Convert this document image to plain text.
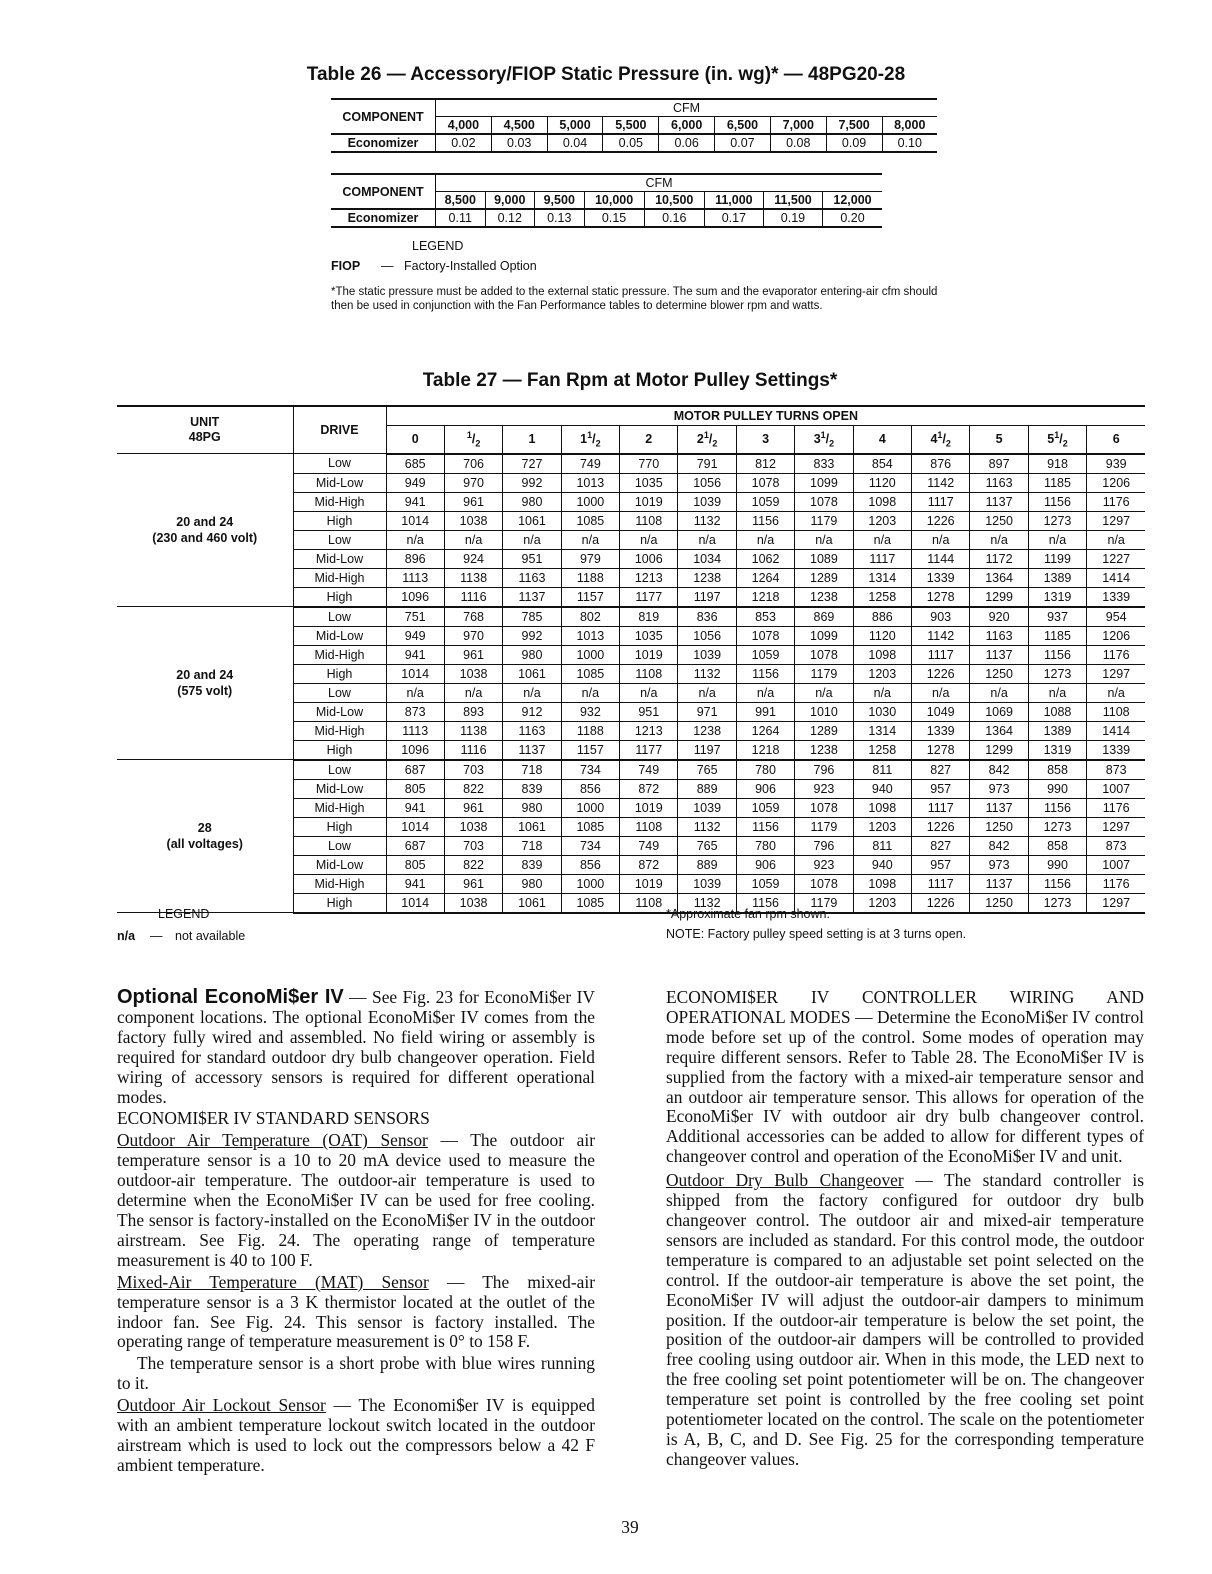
Table 26 — Accessory/FIOP Static Pressure (in. wg)* — 48PG20-28
COMPONENT	CFM								
	4,000	4,500	5,000	5,500	6,000	6,500	7,000	7,500	8,000
Economizer	0.02	0.03	0.04	0.05	0.06	0.07	0.08	0.09	0.10
COMPONENT	CFM							
	8,500	9,000	9,500	10,000	10,500	11,000	11,500	12,000
Economizer	0.11	0.12	0.13	0.15	0.16	0.17	0.19	0.20
LEGEND
FIOP — Factory-Installed Option
*The static pressure must be added to the external static pressure. The sum and the evaporator entering-air cfm should then be used in conjunction with the Fan Performance tables to determine blower rpm and watts.
Table 27 — Fan Rpm at Motor Pulley Settings*
UNIT
48PG	DRIVE	MOTOR PULLEY TURNS OPEN												
		0	$^1/_2$	1	$1^1/_2$	2	$2^1/_2$	3	$3^1/_2$	4	$4^1/_2$	5	$5^1/_2$	6

20 and 24
(230 and 460 volt)	Low	685	706	727	749	770	791	812	833	854	876	897	918	939
	Mid-Low	949	970	992	1013	1035	1056	1078	1099	1120	1142	1163	1185	1206
	Mid-High	941	961	980	1000	1019	1039	1059	1078	1098	1117	1137	1156	1176
	High	1014	1038	1061	1085	1108	1132	1156	1179	1203	1226	1250	1273	1297
	Low	n/a	n/a	n/a	n/a	n/a	n/a	n/a	n/a	n/a	n/a	n/a	n/a	n/a
	Mid-Low	896	924	951	979	1006	1034	1062	1089	1117	1144	1172	1199	1227
	Mid-High	1113	1138	1163	1188	1213	1238	1264	1289	1314	1339	1364	1389	1414
	High	1096	1116	1137	1157	1177	1197	1218	1238	1258	1278	1299	1319	1339

20 and 24
(575 volt)	Low	751	768	785	802	819	836	853	869	886	903	920	937	954
	Mid-Low	949	970	992	1013	1035	1056	1078	1099	1120	1142	1163	1185	1206
	Mid-High	941	961	980	1000	1019	1039	1059	1078	1098	1117	1137	1156	1176
	High	1014	1038	1061	1085	1108	1132	1156	1179	1203	1226	1250	1273	1297
	Low	n/a	n/a	n/a	n/a	n/a	n/a	n/a	n/a	n/a	n/a	n/a	n/a	n/a
	Mid-Low	873	893	912	932	951	971	991	1010	1030	1049	1069	1088	1108
	Mid-High	1113	1138	1163	1188	1213	1238	1264	1289	1314	1339	1364	1389	1414
	High	1096	1116	1137	1157	1177	1197	1218	1238	1258	1278	1299	1319	1339

28
(all voltages)	Low	687	703	718	734	749	765	780	796	811	827	842	858	873
	Mid-Low	805	822	839	856	872	889	906	923	940	957	973	990	1007
	Mid-High	941	961	980	1000	1019	1039	1059	1078	1098	1117	1137	1156	1176
	High	1014	1038	1061	1085	1108	1132	1156	1179	1203	1226	1250	1273	1297
	Low	687	703	718	734	749	765	780	796	811	827	842	858	873
	Mid-Low	805	822	839	856	872	889	906	923	940	957	973	990	1007
	Mid-High	941	961	980	1000	1019	1039	1059	1078	1098	1117	1137	1156	1176
	High	1014	1038	1061	1085	1108	1132	1156	1179	1203	1226	1250	1273	1297
LEGEND
n/a — not available
*Approximate fan rpm shown.
NOTE: Factory pulley speed setting is at 3 turns open.

Optional EconoMi$er IV — See Fig. 23 for EconoMi$er IV component locations. The optional EconoMi$er IV comes from the factory fully wired and assembled. No field wiring or assembly is required for standard outdoor dry bulb changeover operation. Field wiring of accessory sensors is required for different operational modes.

ECONOMI$ER IV STANDARD SENSORS

Outdoor Air Temperature (OAT) Sensor — The outdoor air temperature sensor is a 10 to 20 mA device used to measure the outdoor-air temperature. The outdoor-air temperature is used to determine when the EconoMi$er IV can be used for free cooling. The sensor is factory-installed on the EconoMi$er IV in the outdoor airstream. See Fig. 24. The operating range of temperature measurement is 40 to 100 F.

Mixed-Air Temperature (MAT) Sensor — The mixed-air temperature sensor is a 3 K thermistor located at the outlet of the indoor fan. See Fig. 24. This sensor is factory installed. The operating range of temperature measurement is 0° to 158 F.

The temperature sensor is a short probe with blue wires running to it.

Outdoor Air Lockout Sensor — The Economi$er IV is equipped with an ambient temperature lockout switch located in the outdoor airstream which is used to lock out the compressors below a 42 F ambient temperature.

ECONOMI$ER IV CONTROLLER WIRING AND OPERATIONAL MODES — Determine the EconoMi$er IV control mode before set up of the control. Some modes of operation may require different sensors. Refer to Table 28. The EconoMi$er IV is supplied from the factory with a mixed-air temperature sensor and an outdoor air temperature sensor. This allows for operation of the EconoMi$er IV with outdoor air dry bulb changeover control. Additional accessories can be added to allow for different types of changeover control and operation of the EconoMi$er IV and unit.

Outdoor Dry Bulb Changeover — The standard controller is shipped from the factory configured for outdoor dry bulb changeover control. The outdoor air and mixed-air temperature sensors are included as standard. For this control mode, the outdoor temperature is compared to an adjustable set point selected on the control. If the outdoor-air temperature is above the set point, the EconoMi$er IV will adjust the outdoor-air dampers to minimum position. If the outdoor-air temperature is below the set point, the position of the outdoor-air dampers will be controlled to provided free cooling using outdoor air. When in this mode, the LED next to the free cooling set point potentiometer will be on. The changeover temperature set point is controlled by the free cooling set point potentiometer located on the control. The scale on the potentiometer is A, B, C, and D. See Fig. 25 for the corresponding temperature changeover values.

39
